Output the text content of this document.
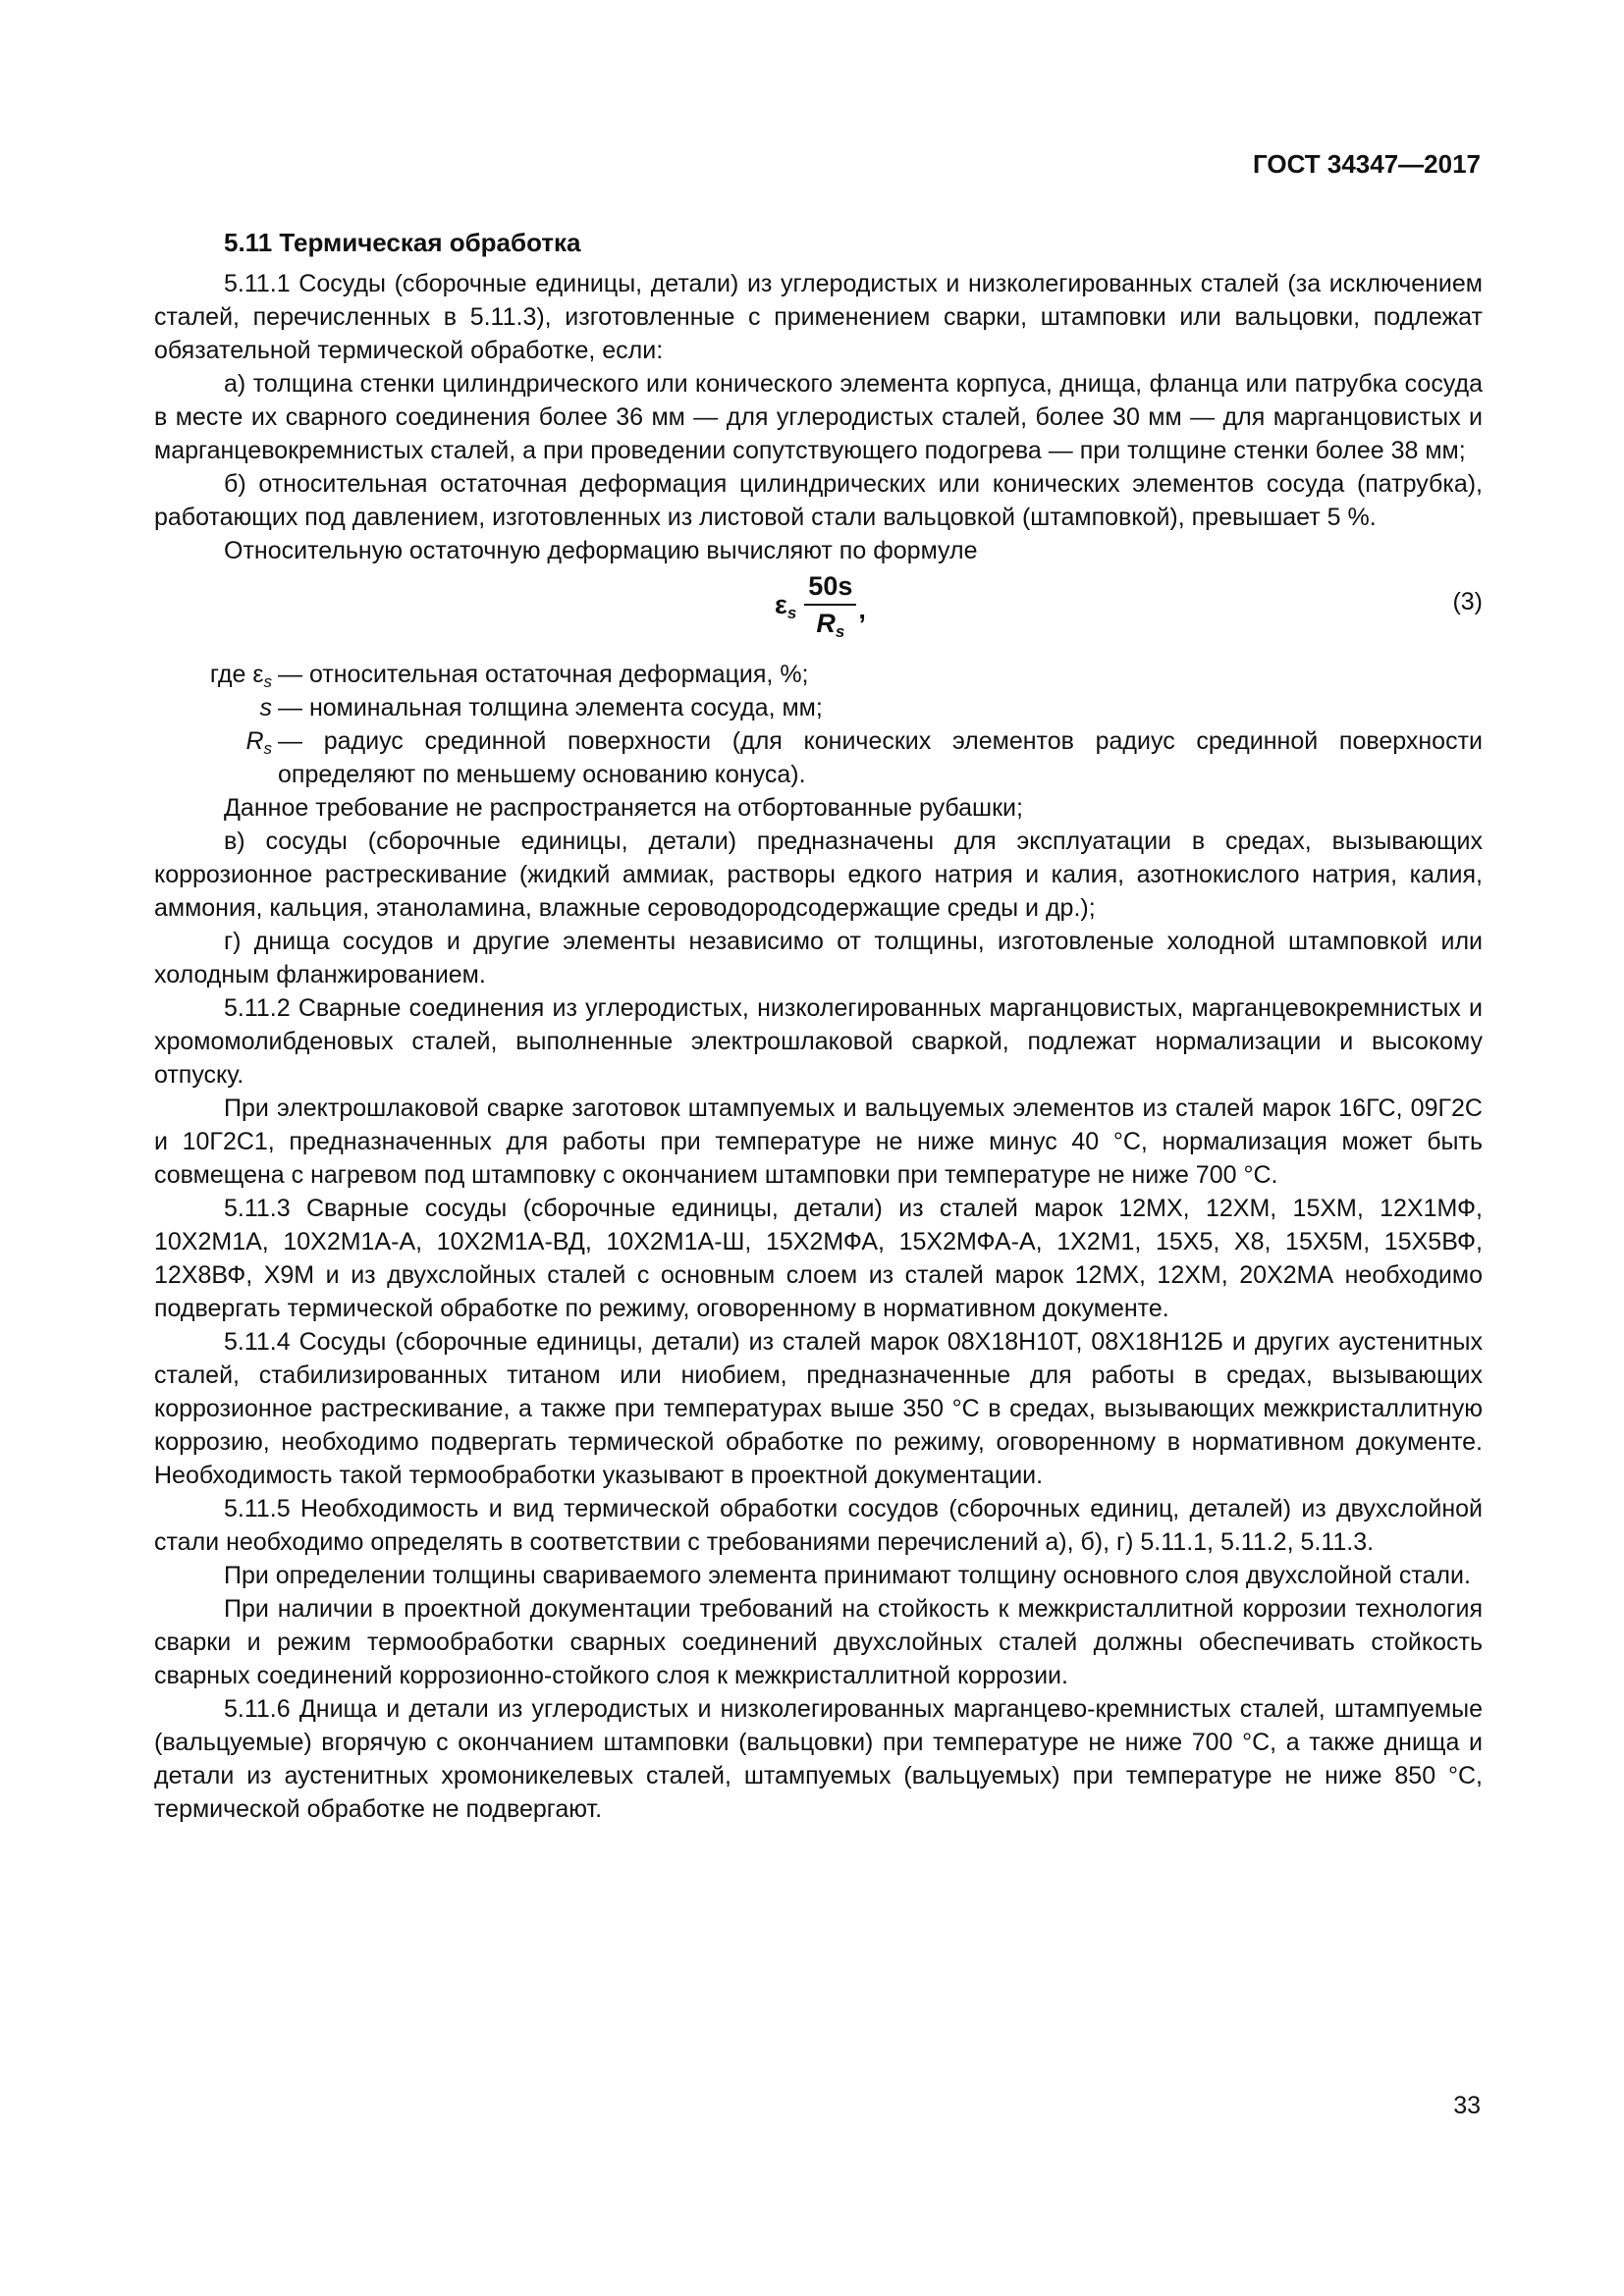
ГОСТ 34347—2017
5.11 Термическая обработка

5.11.1 Сосуды (сборочные единицы, детали) из углеродистых и низколегированных сталей (за исключением сталей, перечисленных в 5.11.3), изготовленные с применением сварки, штамповки или вальцовки, подлежат обязательной термической обработке, если:

а) толщина стенки цилиндрического или конического элемента корпуса, днища, фланца или патрубка сосуда в месте их сварного соединения более 36 мм — для углеродистых сталей, более 30 мм — для марганцовистых и марганцевокремнистых сталей, а при проведении сопутствующего подогрева — при толщине стенки более 38 мм;

б) относительная остаточная деформация цилиндрических или конических элементов сосуда (патрубка), работающих под давлением, изготовленных из листовой стали вальцовкой (штамповкой), превышает 5 %.

Относительную остаточную деформацию вычисляют по формуле

$\varepsilon_s \frac{50s}{R_s}$ ,	(3)
где $\varepsilon_s$ — относительная остаточная деформация, %;
s — номинальная толщина элемента сосуда, мм;
$R_s$ — радиус срединной поверхности (для конических элементов радиус срединной поверхности определяют по меньшему основанию конуса).

Данное требование не распространяется на отбортованные рубашки;

в) сосуды (сборочные единицы, детали) предназначены для эксплуатации в средах, вызывающих коррозионное растрескивание (жидкий аммиак, растворы едкого натрия и калия, азотнокислого натрия, калия, аммония, кальция, этаноламина, влажные сероводородсодержащие среды и др.);

г) днища сосудов и другие элементы независимо от толщины, изготовленые холодной штамповкой или холодным фланжированием.

5.11.2 Сварные соединения из углеродистых, низколегированных марганцовистых, марганцевокремнистых и хромомолибденовых сталей, выполненные электрошлаковой сваркой, подлежат нормализации и высокому отпуску.

При электрошлаковой сварке заготовок штампуемых и вальцуемых элементов из сталей марок 16ГС, 09Г2С и 10Г2С1, предназначенных для работы при температуре не ниже минус 40 °С, нормализация может быть совмещена с нагревом под штамповку с окончанием штамповки при температуре не ниже 700 °С.

5.11.3 Сварные сосуды (сборочные единицы, детали) из сталей марок 12МХ, 12ХМ, 15ХМ, 12Х1МФ, 10Х2М1А, 10Х2М1А-А, 10Х2М1А-ВД, 10Х2М1А-Ш, 15Х2МФА, 15Х2МФА-А, 1Х2М1, 15Х5, Х8, 15Х5М, 15Х5ВФ, 12Х8ВФ, Х9М и из двухслойных сталей с основным слоем из сталей марок 12МХ, 12ХМ, 20Х2МА необходимо подвергать термической обработке по режиму, оговоренному в нормативном документе.

5.11.4 Сосуды (сборочные единицы, детали) из сталей марок 08Х18Н10Т, 08Х18Н12Б и других аустенитных сталей, стабилизированных титаном или ниобием, предназначенные для работы в средах, вызывающих коррозионное растрескивание, а также при температурах выше 350 °С в средах, вызывающих межкристаллитную коррозию, необходимо подвергать термической обработке по режиму, оговоренному в нормативном документе. Необходимость такой термообработки указывают в проектной документации.

5.11.5 Необходимость и вид термической обработки сосудов (сборочных единиц, деталей) из двухслойной стали необходимо определять в соответствии с требованиями перечислений а), б), г) 5.11.1, 5.11.2, 5.11.3.

При определении толщины свариваемого элемента принимают толщину основного слоя двухслойной стали.

При наличии в проектной документации требований на стойкость к межкристаллитной коррозии технология сварки и режим термообработки сварных соединений двухслойных сталей должны обеспечивать стойкость сварных соединений коррозионно-стойкого слоя к межкристаллитной коррозии.

5.11.6 Днища и детали из углеродистых и низколегированных марганцево-кремнистых сталей, штампуемые (вальцуемые) вгорячую с окончанием штамповки (вальцовки) при температуре не ниже 700 °С, а также днища и детали из аустенитных хромоникелевых сталей, штампуемых (вальцуемых) при температуре не ниже 850 °С, термической обработке не подвергают.

33
